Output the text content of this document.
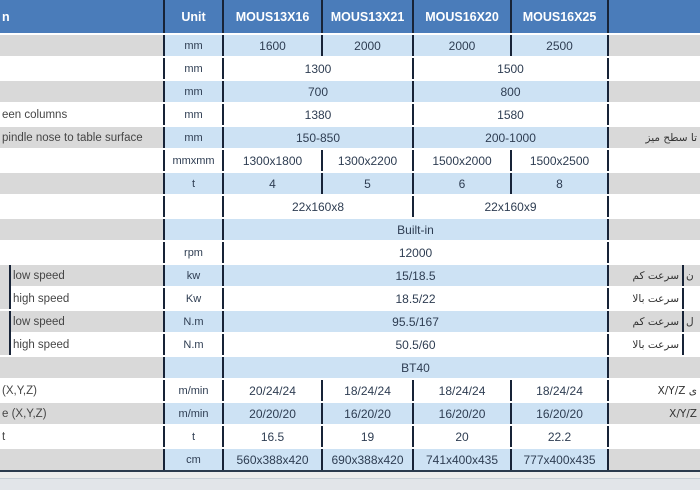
n		Unit	MOUS13X16	MOUS13X21	MOUS16X20	MOUS16X25		
		mm	1600	2000	2000	2500		
		mm	1300		1500			
		mm	700		800			
een columns		mm	1380		1580			
pindle nose to table surface		mm	150-850		200-1000		تا سطح میز	
		mmxmm	1300x1800	1300x2200	1500x2000	1500x2500		
		t	4	5	6	8		
			22x160x8		22x160x9			
			Built-in					
		rpm	12000					
	low speed	kw	15/18.5				سرعت کم	ن
	high speed	Kw	18.5/22				سرعت بالا	
	low speed	N.m	95.5/167				سرعت کم	ل
	high speed	N.m	50.5/60				سرعت بالا	
			BT40					
(X,Y,Z)		m/min	20/24/24	18/24/24	18/24/24	18/24/24	X/Y/Z ی	
e (X,Y,Z)		m/min	20/20/20	16/20/20	16/20/20	16/20/20	X/Y/Z	
t		t	16.5	19	20	22.2		
		cm	560x388x420	690x388x420	741x400x435	777x400x435		
